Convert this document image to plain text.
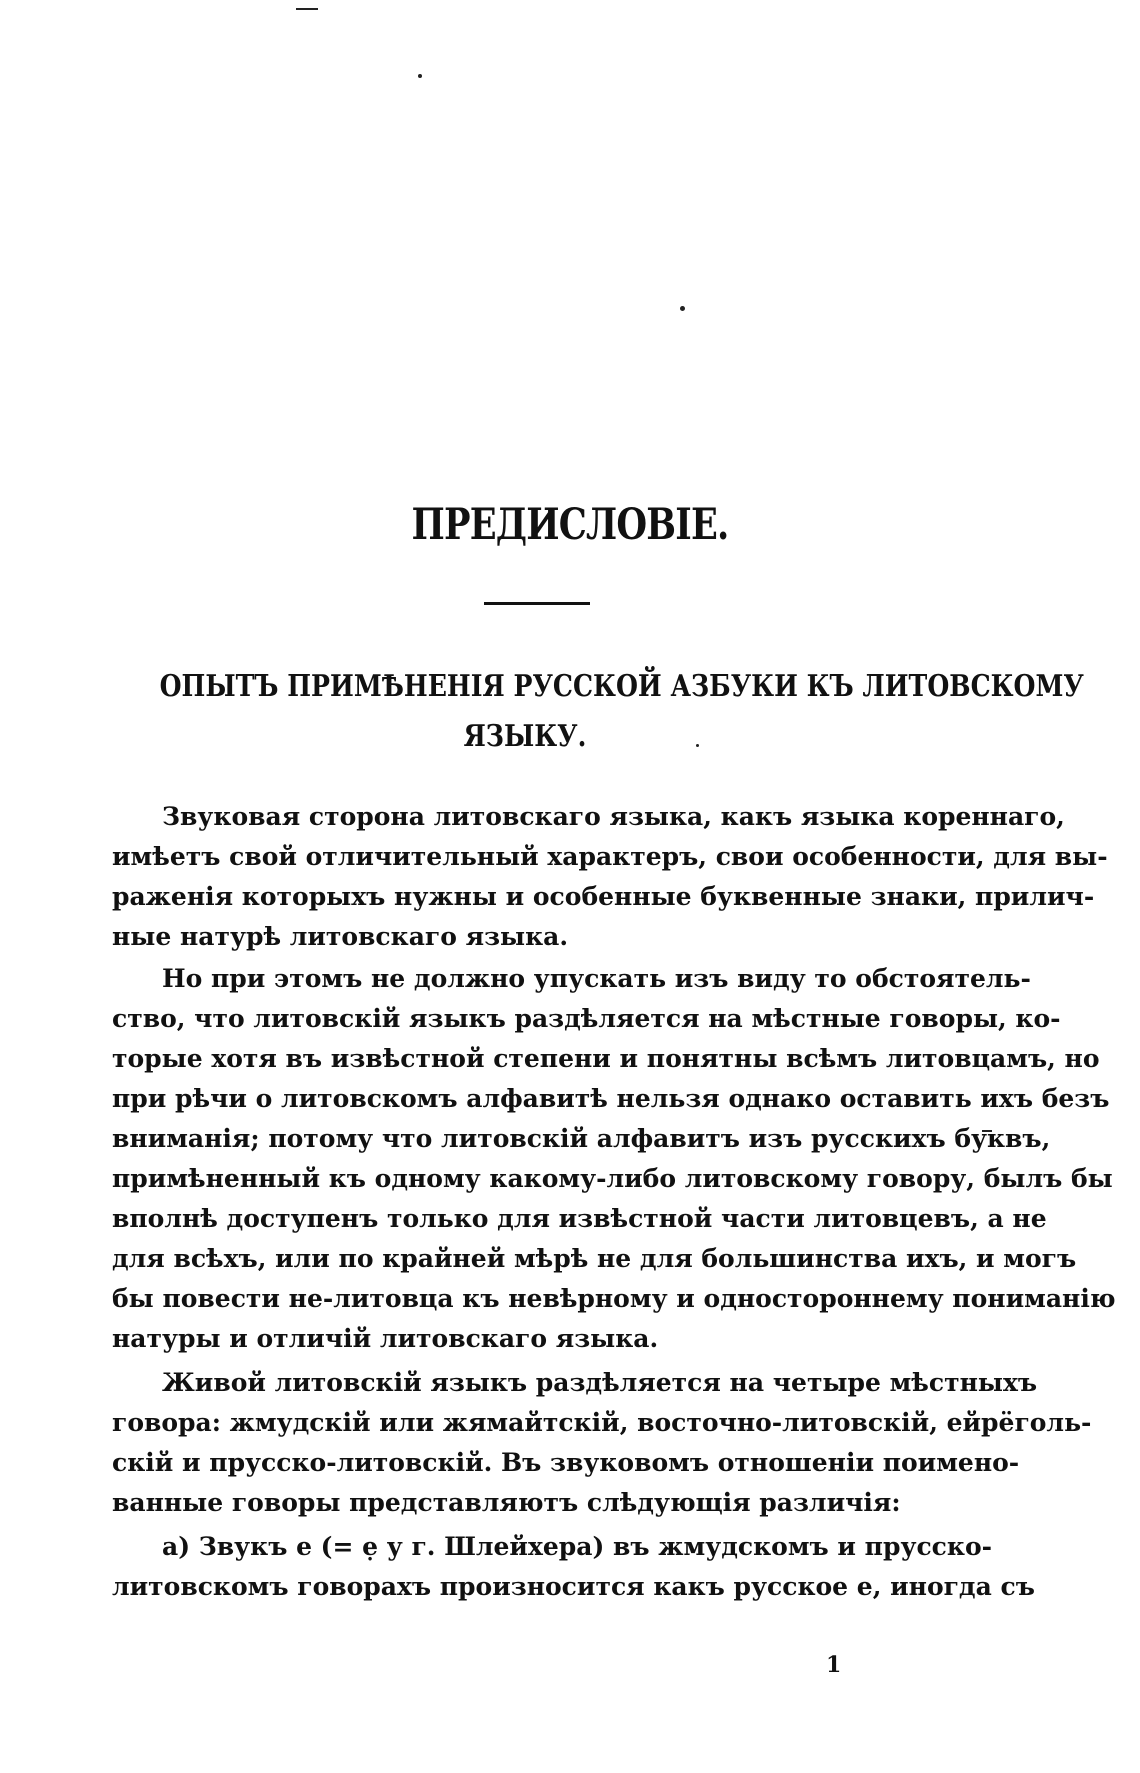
ПРЕДИСЛОВІЕ.
ОПЫТЪ ПРИМѢНЕНІЯ РУССКОЙ АЗБУКИ КЪ ЛИТОВСКОМУ
ЯЗЫКУ.
Звуковая сторона литовскаго языка, какъ языка кореннаго,
имѣетъ свой отличительный характеръ, свои особенности, для вы-
раженія которыхъ нужны и особенные буквенные знаки, прилич-
ные натурѣ литовскаго языка.
Но при этомъ не должно упускать изъ виду то обстоятель-
ство, что литовскій языкъ раздѣляется на мѣстные говоры, ко-
торые хотя въ извѣстной степени и понятны всѣмъ литовцамъ, но
при рѣчи о литовскомъ алфавитѣ нельзя однако оставить ихъ безъ
вниманія; потому что литовскій алфавитъ изъ русскихъ буквъ,
примѣненный къ одному какому-либо литовскому говору, былъ бы
вполнѣ доступенъ только для извѣстной части литовцевъ, а не
для всѣхъ, или по крайней мѣрѣ не для большинства ихъ, и могъ
бы повести не-литовца къ невѣрному и одностороннему пониманію
натуры и отличій литовскаго языка.
Живой литовскій языкъ раздѣляется на четыре мѣстныхъ
говора: жмудскій или жямайтскій, восточно-литовскій, ейрёголь-
скій и прусско-литовскій. Въ звуковомъ отношеніи поимено-
ванные говоры представляютъ слѣдующія различія:
а) Звукъ е (= ẹ у г. Шлейхера) въ жмудскомъ и прусско-
литовскомъ говорахъ произносится какъ русское е, иногда съ
1
